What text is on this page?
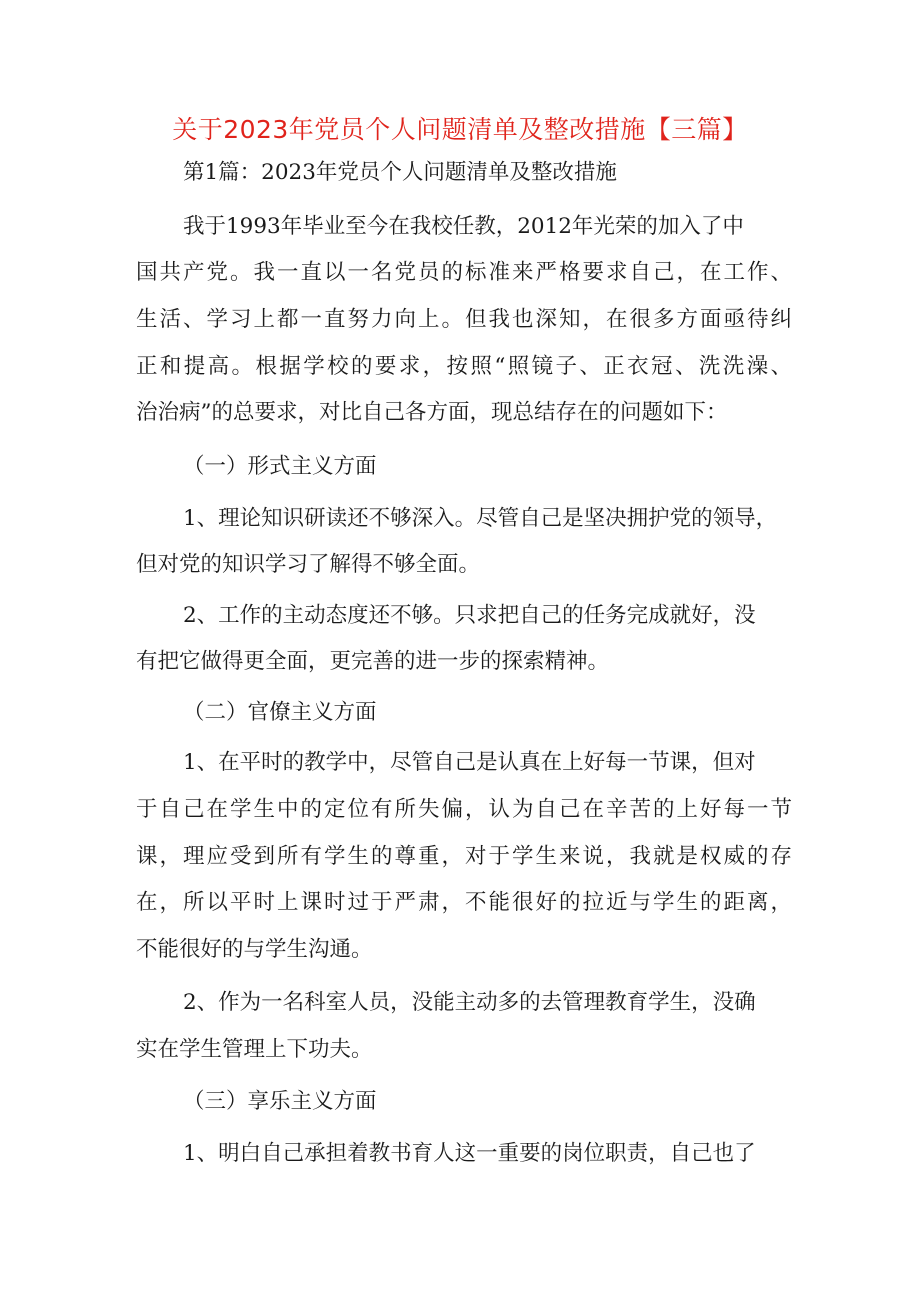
关于2023年党员个人问题清单及整改措施【三篇】

第1篇：2023年党员个人问题清单及整改措施

我于1993年毕业至今在我校任教，2012年光荣的加入了中

国共产党。我一直以一名党员的标准来严格要求自己，在工作、

生活、学习上都一直努力向上。但我也深知，在很多方面亟待纠

正和提高。根据学校的要求，按照“照镜子、正衣冠、洗洗澡、

治治病”的总要求，对比自己各方面，现总结存在的问题如下：

（一）形式主义方面

1、理论知识研读还不够深入。尽管自己是坚决拥护党的领导，

但对党的知识学习了解得不够全面。

2、工作的主动态度还不够。只求把自己的任务完成就好，没

有把它做得更全面，更完善的进一步的探索精神。

（二）官僚主义方面

1、在平时的教学中，尽管自己是认真在上好每一节课，但对

于自己在学生中的定位有所失偏，认为自己在辛苦的上好每一节

课，理应受到所有学生的尊重，对于学生来说，我就是权威的存

在，所以平时上课时过于严肃，不能很好的拉近与学生的距离，

不能很好的与学生沟通。

2、作为一名科室人员，没能主动多的去管理教育学生，没确

实在学生管理上下功夫。

（三）享乐主义方面

1、明白自己承担着教书育人这一重要的岗位职责，自己也了
